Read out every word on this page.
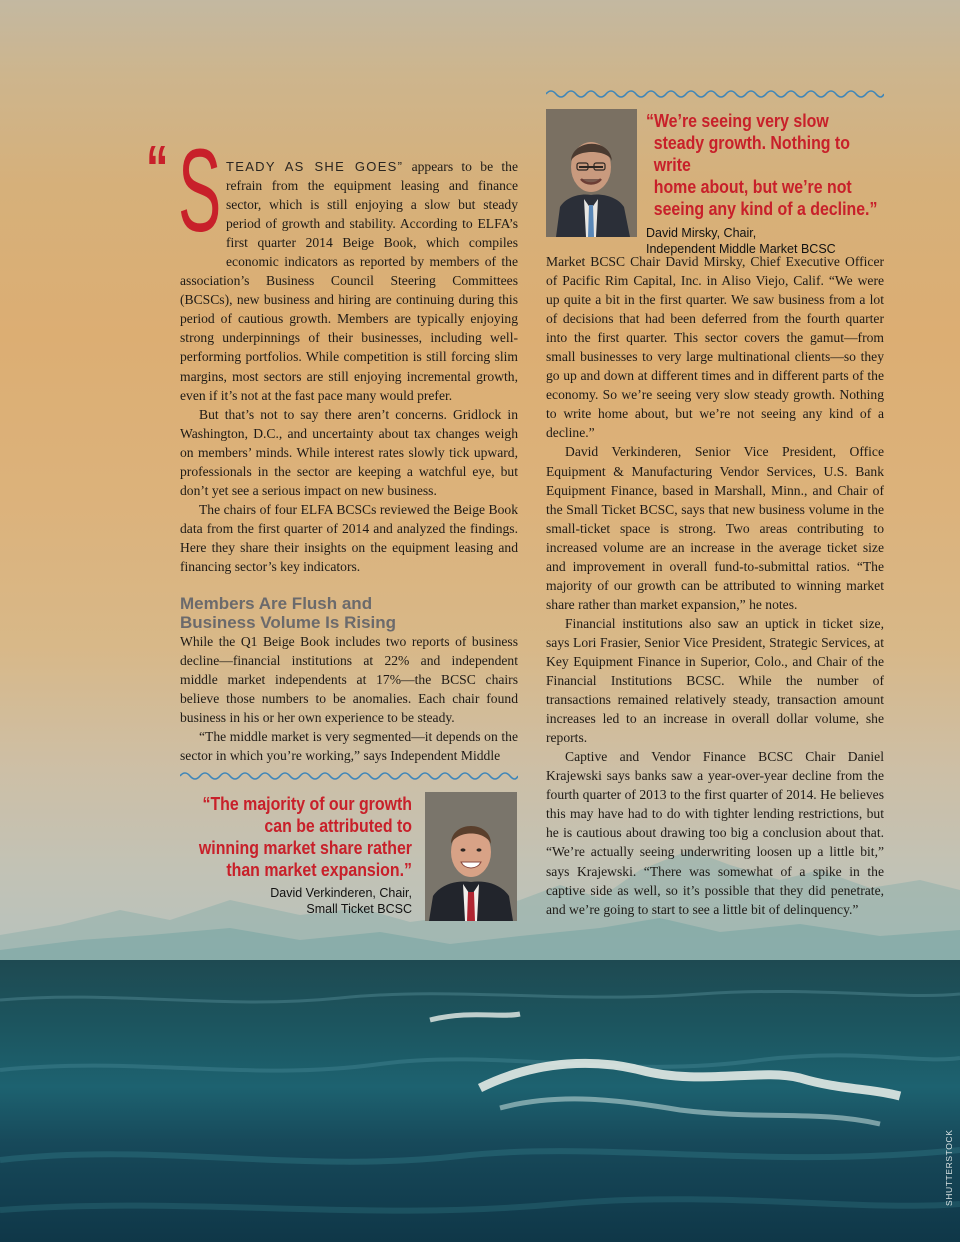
“ S TEADY AS SHE GOES” appears to be the refrain from the equipment leasing and finance sector, which is still enjoying a slow but steady period of growth and stability. According to ELFA’s first quarter 2014 Beige Book, which compiles economic indicators as reported by members of the association’s Business Council Steering Committees (BCSCs), new business and hiring are continuing during this period of cautious growth. Members are typically enjoying strong underpinnings of their businesses, including well-performing portfolios. While competition is still forcing slim margins, most sectors are still enjoying incremental growth, even if it’s not at the fast pace many would prefer.

But that’s not to say there aren’t concerns. Gridlock in Washington, D.C., and uncertainty about tax changes weigh on members’ minds. While interest rates slowly tick upward, professionals in the sector are keeping a watchful eye, but don’t yet see a serious impact on new business.

The chairs of four ELFA BCSCs reviewed the Beige Book data from the first quarter of 2014 and analyzed the findings. Here they share their insights on the equipment leasing and financing sector’s key indicators.

Members Are Flush and
Business Volume Is Rising

While the Q1 Beige Book includes two reports of business decline—financial institutions at 22% and independent middle market independents at 17%—the BCSC chairs believe those numbers to be anomalies. Each chair found business in his or her own experience to be steady.

“The middle market is very segmented—it depends on the sector in which you’re working,” says Independent Middle

“We’re seeing very slow
steady growth. Nothing to write
home about, but we’re not
seeing any kind of a decline.”
David Mirsky, Chair,
Independent Middle Market BCSC

Market BCSC Chair David Mirsky, Chief Executive Officer of Pacific Rim Capital, Inc. in Aliso Viejo, Calif. “We were up quite a bit in the first quarter. We saw business from a lot of decisions that had been deferred from the fourth quarter into the first quarter. This sector covers the gamut—from small businesses to very large multinational clients—so they go up and down at different times and in different parts of the economy. So we’re seeing very slow steady growth. Nothing to write home about, but we’re not seeing any kind of a decline.”

David Verkinderen, Senior Vice President, Office Equipment & Manufacturing Vendor Services, U.S. Bank Equipment Finance, based in Marshall, Minn., and Chair of the Small Ticket BCSC, says that new business volume in the small-ticket space is strong. Two areas contributing to increased volume are an increase in the average ticket size and improvement in overall fund-to-submittal ratios. “The majority of our growth can be attributed to winning market share rather than market expansion,” he notes.

Financial institutions also saw an uptick in ticket size, says Lori Frasier, Senior Vice President, Strategic Services, at Key Equipment Finance in Superior, Colo., and Chair of the Financial Institutions BCSC. While the number of transactions remained relatively steady, transaction amount increases led to an increase in overall dollar volume, she reports.

Captive and Vendor Finance BCSC Chair Daniel Krajewski says banks saw a year-over-year decline from the fourth quarter of 2013 to the first quarter of 2014. He believes this may have had to do with tighter lending restrictions, but he is cautious about drawing too big a conclusion about that. “We’re actually seeing underwriting loosen up a little bit,” says Krajewski. “There was somewhat of a spike in the captive side as well, so it’s possible that they did penetrate, and we’re going to start to see a little bit of delinquency.”

“The majority of our growth
can be attributed to
winning market share rather
than market expansion.”
David Verkinderen, Chair,
Small Ticket BCSC
SHUTTERSTOCK
